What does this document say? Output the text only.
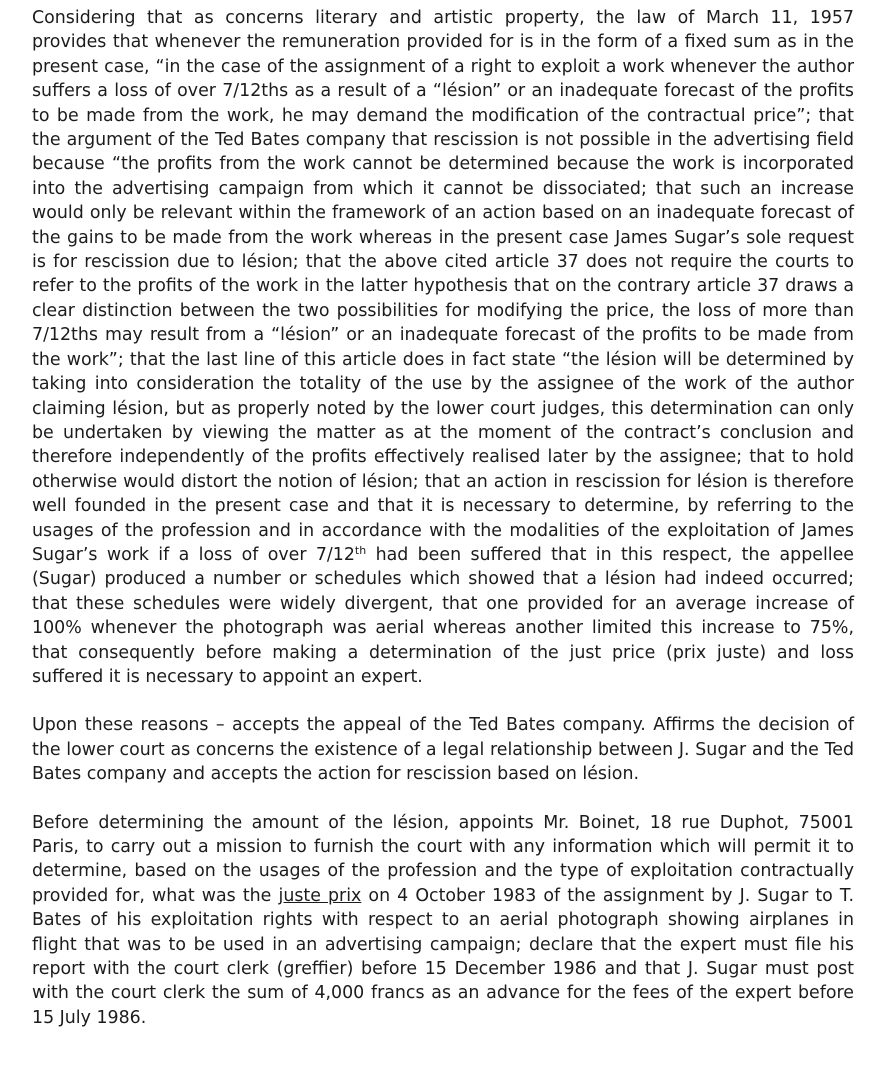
Considering that as concerns literary and artistic property, the law of March 11, 1957 provides that whenever the remuneration provided for is in the form of a fixed sum as in the present case, “in the case of the assignment of a right to exploit a work whenever the author suffers a loss of over 7/12ths as a result of a “lésion” or an inadequate forecast of the profits to be made from the work, he may demand the modification of the contractual price”; that the argument of the Ted Bates company that rescission is not possible in the advertising field because “the profits from the work cannot be determined because the work is incorporated into the advertising campaign from which it cannot be dissociated; that such an increase would only be relevant within the framework of an action based on an inadequate forecast of the gains to be made from the work whereas in the present case James Sugar’s sole request is for rescission due to lésion; that the above cited article 37 does not require the courts to refer to the profits of the work in the latter hypothesis that on the contrary article 37 draws a clear distinction between the two possibilities for modifying the price, the loss of more than 7/12ths may result from a “lésion” or an inadequate forecast of the profits to be made from the work”; that the last line of this article does in fact state “the lésion will be determined by taking into consideration the totality of the use by the assignee of the work of the author claiming lésion, but as properly noted by the lower court judges, this determination can only be undertaken by viewing the matter as at the moment of the contract’s conclusion and therefore independently of the profits effectively realised later by the assignee; that to hold otherwise would distort the notion of lésion; that an action in rescission for lésion is therefore well founded in the present case and that it is necessary to determine, by referring to the usages of the profession and in accordance with the modalities of the exploitation of James Sugar’s work if a loss of over 7/12th had been suffered that in this respect, the appellee (Sugar) produced a number or schedules which showed that a lésion had indeed occurred; that these schedules were widely divergent, that one provided for an average increase of 100% whenever the photograph was aerial whereas another limited this increase to 75%, that consequently before making a determination of the just price (prix juste) and loss suffered it is necessary to appoint an expert.

Upon these reasons – accepts the appeal of the Ted Bates company. Affirms the decision of the lower court as concerns the existence of a legal relationship between J. Sugar and the Ted Bates company and accepts the action for rescission based on lésion.

Before determining the amount of the lésion, appoints Mr. Boinet, 18 rue Duphot, 75001 Paris, to carry out a mission to furnish the court with any information which will permit it to determine, based on the usages of the profession and the type of exploitation contractually provided for, what was the juste prix on 4 October 1983 of the assignment by J. Sugar to T. Bates of his exploitation rights with respect to an aerial photograph showing airplanes in flight that was to be used in an advertising campaign; declare that the expert must file his report with the court clerk (greffier) before 15 December 1986 and that J. Sugar must post with the court clerk the sum of 4,000 francs as an advance for the fees of the expert before 15 July 1986.
